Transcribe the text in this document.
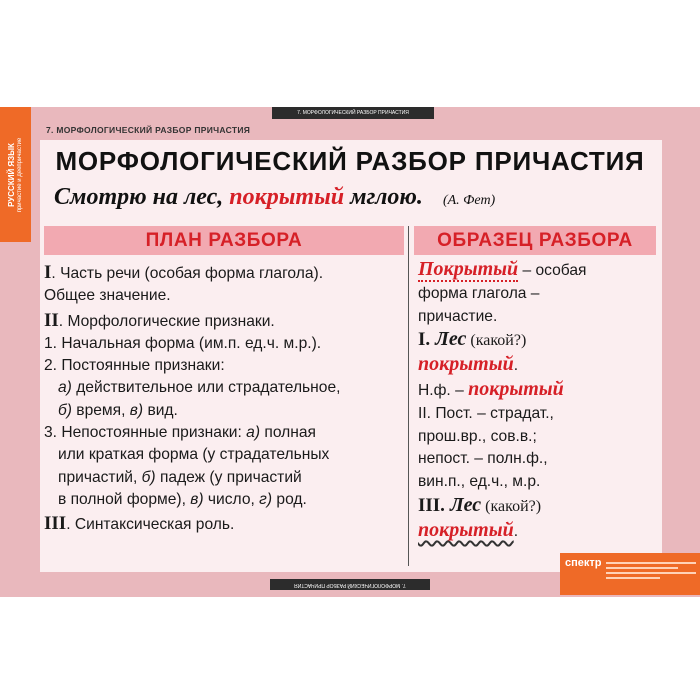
РУССКИЙ ЯЗЫК причастие и деепричастие
7. МОРФОЛОГИЧЕСКИЙ РАЗБОР ПРИЧАСТИЯ
7. МОРФОЛОГИЧЕСКИЙ РАЗБОР ПРИЧАСТИЯ
7. МОРФОЛОГИЧЕСКИЙ РАЗБОР ПРИЧАСТИЯ
МОРФОЛОГИЧЕСКИЙ РАЗБОР ПРИЧАСТИЯ
Смотрю на лес, покрытый мглою. (А. Фет)
ПЛАН РАЗБОРА	ОБРАЗЕЦ РАЗБОРА
I. Часть речи (особая форма глагола).
Общее значение.
II. Морфологические признаки.
1. Начальная форма (им.п. ед.ч. м.р.).
2. Постоянные признаки:
а) действительное или страдательное,
б) время, в) вид.
3. Непостоянные признаки: а) полная
или краткая форма (у страдательных
причастий, б) падеж (у причастий
в полной форме), в) число, г) род.
III. Синтаксическая роль.
Покрытый – особая
форма глагола –
причастие.
I. Лес (какой?)
покрытый.
Н.ф. – покрытый
II. Пост. – страдат.,
прош.вр., сов.в.;
непост. – полн.ф.,
вин.п., ед.ч., м.р.
III. Лес (какой?)
покрытый.
спектр
